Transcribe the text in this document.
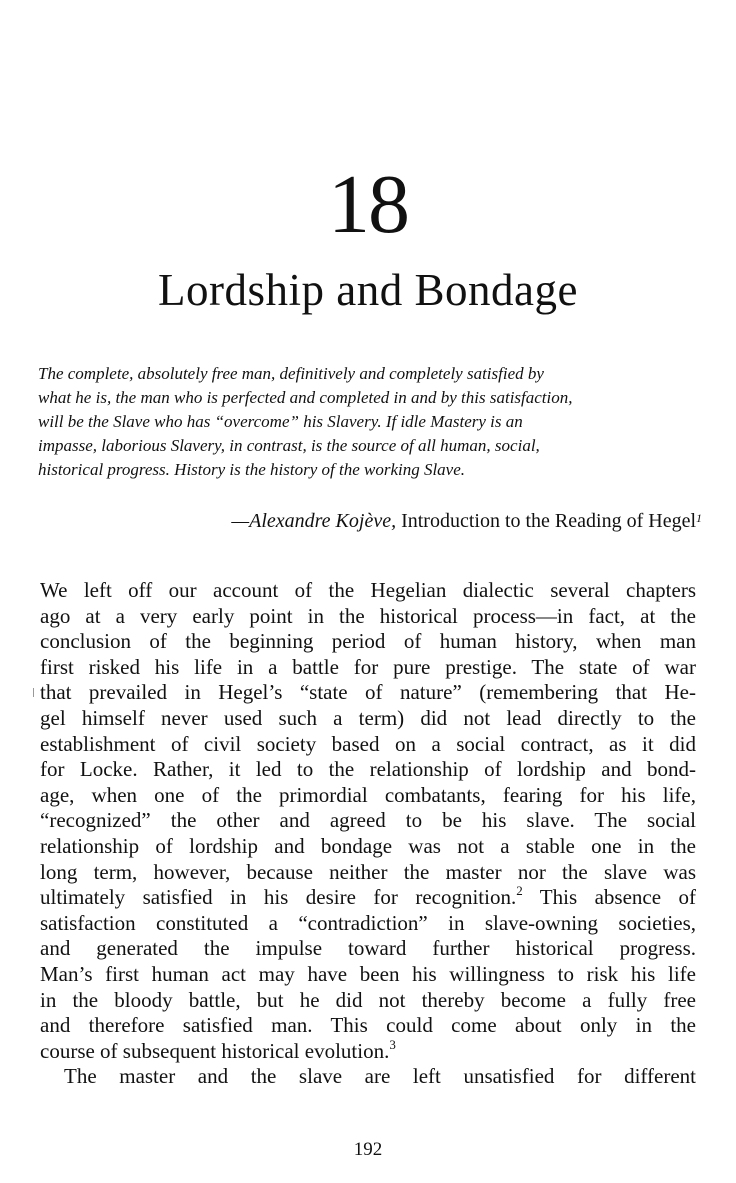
18
Lordship and Bondage
The complete, absolutely free man, definitively and completely satisfied by
what he is, the man who is perfected and completed in and by this satisfaction,
will be the Slave who has “overcome” his Slavery. If idle Mastery is an
impasse, laborious Slavery, in contrast, is the source of all human, social,
historical progress. History is the history of the working Slave.
—Alexandre Kojève, Introduction to the Reading of Hegel$^1$
We left off our account of the Hegelian dialectic several chapters
ago at a very early point in the historical process—in fact, at the
conclusion of the beginning period of human history, when man
first risked his life in a battle for pure prestige. The state of war
that prevailed in Hegel’s “state of nature” (remembering that He-
gel himself never used such a term) did not lead directly to the
establishment of civil society based on a social contract, as it did
for Locke. Rather, it led to the relationship of lordship and bond-
age, when one of the primordial combatants, fearing for his life,
“recognized” the other and agreed to be his slave. The social
relationship of lordship and bondage was not a stable one in the
long term, however, because neither the master nor the slave was
ultimately satisfied in his desire for recognition.$^2$ This absence of
satisfaction constituted a “contradiction” in slave-owning societies,
and generated the impulse toward further historical progress.
Man’s first human act may have been his willingness to risk his life
in the bloody battle, but he did not thereby become a fully free
and therefore satisfied man. This could come about only in the
course of subsequent historical evolution.$^3$
The master and the slave are left unsatisfied for different
192
